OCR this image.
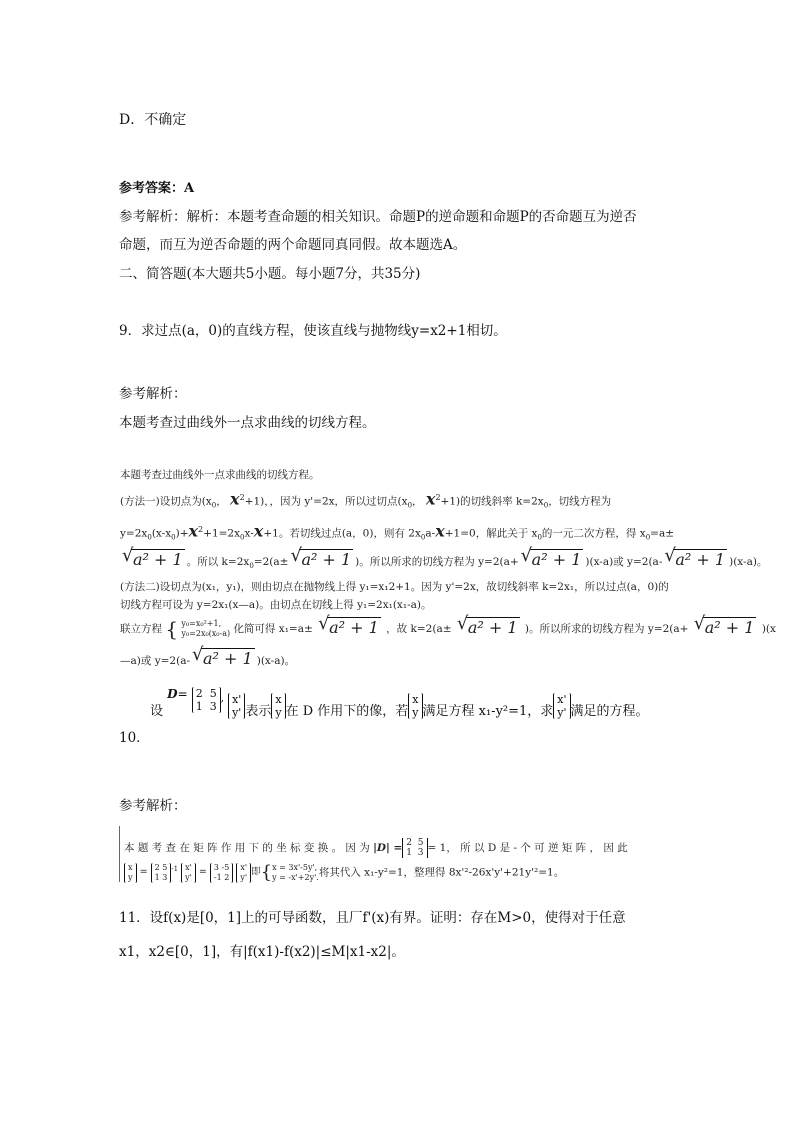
D．不确定
参考答案：A
参考解析：解析：本题考查命题的相关知识。命题P的逆命题和命题P的否命题互为逆否
命题，而互为逆否命题的两个命题同真同假。故本题选A。
二、简答题(本大题共5小题。每小题7分，共35分)
9．求过点(a，0)的直线方程，使该直线与抛物线y=x2+1相切。
参考解析：
本题考查过曲线外一点求曲线的切线方程。
本题考查过曲线外一点求曲线的切线方程。
(方法一)设切点为($x_0$， $x^2+1$)，，因为 y'=2x，所以过切点($x_0$， $x^2+1$)的切线斜率 $k=2x_0$，切线方程为
$y=2x_0(x-x_0)+x^2+1=2x_0x-x+1$。若切线过点(a，0)，则有 $2x_0a-x+1=0$，解此关于 $x_0$的一元二次方程，得 $x_0=a\pm$
√ a² + 1 。所以 $k=2x_0=2(a\pm$ √ a² + 1 )。所以所求的切线方程为 y=2(a+ √ a² + 1 )(x-a)或 y=2(a- √ a² + 1 )(x-a)。
(方法二)设切点为(x₁，y₁)，则由切点在抛物线上得 y₁=x₁2+1。因为 y'=2x，故切线斜率 k=2x₁，所以过点(a，0)的
切线方程可设为 y=2x₁(x—a)。由切点在切线上得 y₁=2x₁(x₁-a)。
联立方程 { y₀=x₀²+1,
y₀=2x₀(x₀-a) 化简可得 x₁=a± √ a² + 1 ，故 k=2(a± √ a² + 1 )。所以所求的切线方程为 y=2(a+ √ a² + 1 )(x
—a)或 y=2(a- √ a² + 1 )(x-a)。
设 D= 2 5
1 3, x'
y' 表示x
y 在 D 作用下的像，若x
y 满足方程 x₁-y²=1，求x'
y' 满足的方程。
10．
参考解析：
本 题 考 查 在 矩 阵 作 用 下 的 坐 标 变 换 。 因 为 |D| = 2 5
1 3 = 1， 所 以 D 是 - 个 可 逆 矩 阵 ， 因 此
x
y = 2 5
1 $3^{-1}$ x'
y' = 3 -5
-1 2 x'
y' 即{ x = 3x'-5y',
y = -x'+2y'. 将其代入 x₁-y²=1，整理得 8x'²-26x'y'+21y'²=1。
11．设f(x)是[0，1]上的可导函数，且厂f'(x)有界。证明：存在M>0，使得对于任意
x1，x2∈[0，1]，有|f(x1)-f(x2)|≤M|x1-x2|。
